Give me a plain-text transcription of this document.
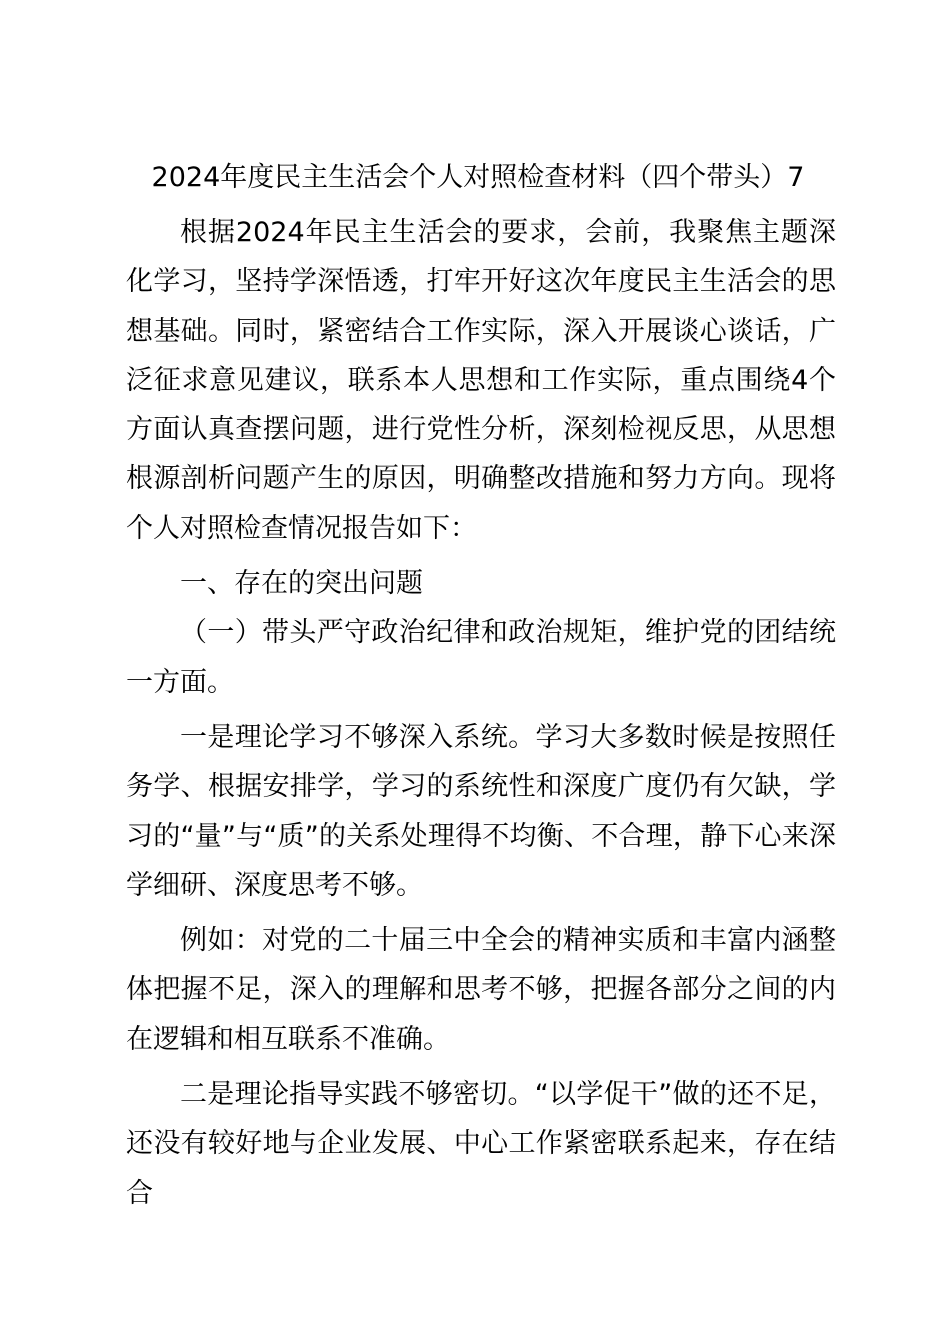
2024年度民主生活会个人对照检查材料（四个带头）7

根据2024年民主生活会的要求，会前，我聚焦主题深化学习，坚持学深悟透，打牢开好这次年度民主生活会的思想基础。同时，紧密结合工作实际，深入开展谈心谈话，广泛征求意见建议，联系本人思想和工作实际，重点围绕4个方面认真查摆问题，进行党性分析，深刻检视反思，从思想根源剖析问题产生的原因，明确整改措施和努力方向。现将个人对照检查情况报告如下：

一、存在的突出问题

（一）带头严守政治纪律和政治规矩，维护党的团结统一方面。

一是理论学习不够深入系统。学习大多数时候是按照任务学、根据安排学，学习的系统性和深度广度仍有欠缺，学习的“量”与“质”的关系处理得不均衡、不合理，静下心来深学细研、深度思考不够。

例如：对党的二十届三中全会的精神实质和丰富内涵整体把握不足，深入的理解和思考不够，把握各部分之间的内在逻辑和相互联系不准确。

二是理论指导实践不够密切。“以学促干”做的还不足，还没有较好地与企业发展、中心工作紧密联系起来，存在结合
